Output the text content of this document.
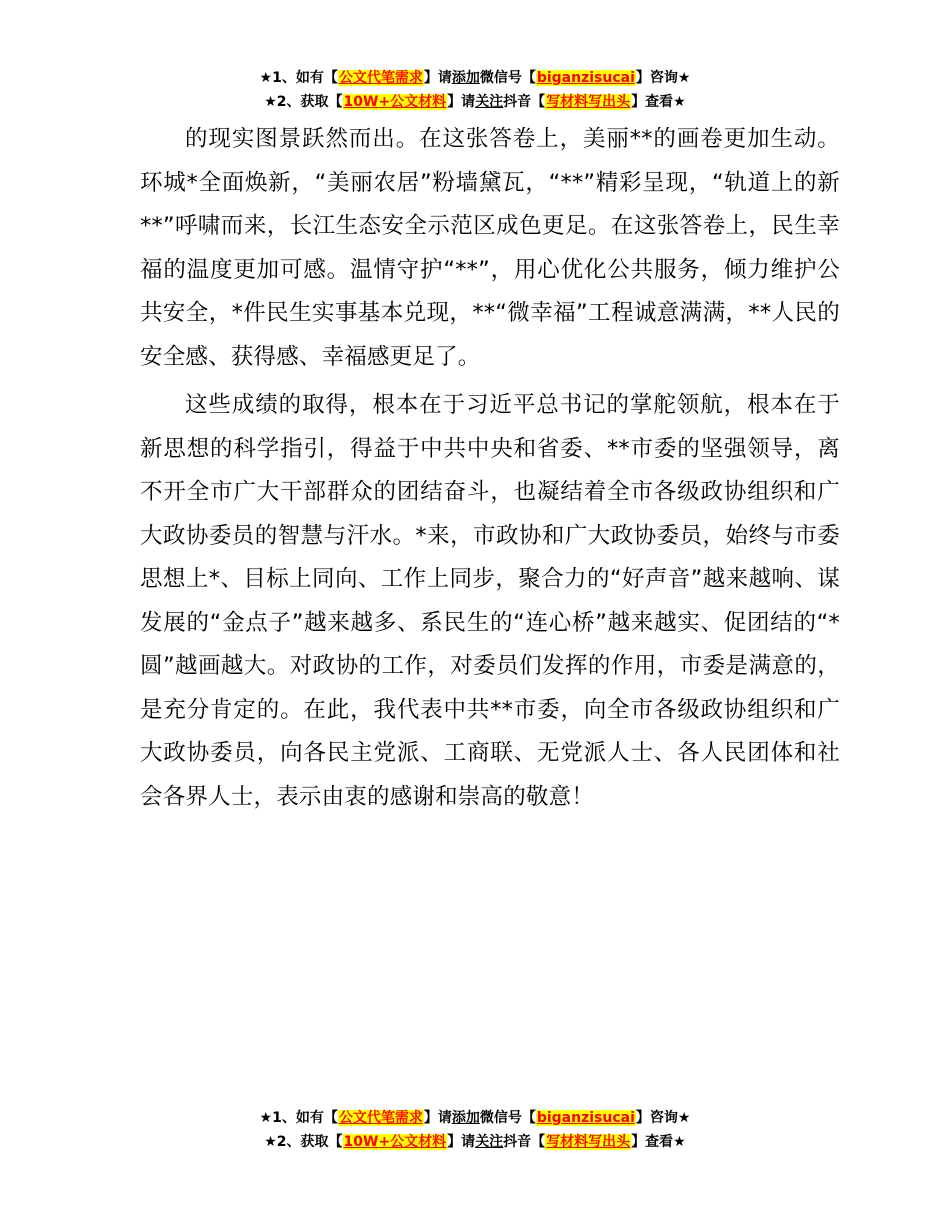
★1、如有【公文代笔需求】请添加微信号【biganzisucai】咨询★
★2、获取【10W+公文材料】请关注抖音【写材料写出头】查看★

的现实图景跃然而出。在这张答卷上，美丽**的画卷更加生动。环城*全面焕新，“美丽农居”粉墙黛瓦，“**”精彩呈现，“轨道上的新**”呼啸而来，长江生态安全示范区成色更足。在这张答卷上，民生幸福的温度更加可感。温情守护“**”，用心优化公共服务，倾力维护公共安全，*件民生实事基本兑现，**“微幸福”工程诚意满满，**人民的安全感、获得感、幸福感更足了。

这些成绩的取得，根本在于习近平总书记的掌舵领航，根本在于新思想的科学指引，得益于中共中央和省委、**市委的坚强领导，离不开全市广大干部群众的团结奋斗，也凝结着全市各级政协组织和广大政协委员的智慧与汗水。*来，市政协和广大政协委员，始终与市委思想上*、目标上同向、工作上同步，聚合力的“好声音”越来越响、谋发展的“金点子”越来越多、系民生的“连心桥”越来越实、促团结的“*圆”越画越大。对政协的工作，对委员们发挥的作用，市委是满意的，是充分肯定的。在此，我代表中共**市委，向全市各级政协组织和广大政协委员，向各民主党派、工商联、无党派人士、各人民团体和社会各界人士，表示由衷的感谢和崇高的敬意！

★1、如有【公文代笔需求】请添加微信号【biganzisucai】咨询★
★2、获取【10W+公文材料】请关注抖音【写材料写出头】查看★
